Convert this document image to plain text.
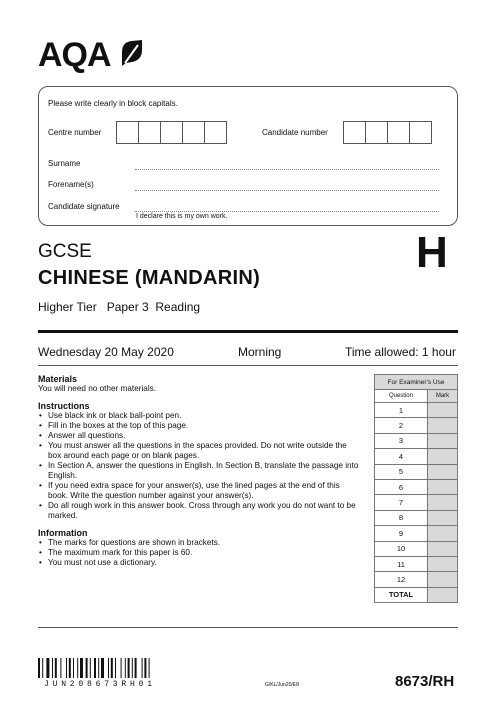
AQA
Please write clearly in block capitals.
Centre number	Candidate number
Surname
Forename(s)
Candidate signature
I declare this is my own work.
GCSE
CHINESE (MANDARIN)
Higher Tier   Paper 3  Reading
H
Wednesday 20 May 2020	Morning	Time allowed: 1 hour
Materials
You will need no other materials.
Instructions
• Use black ink or black ball-point pen.
• Fill in the boxes at the top of this page.
• Answer all questions.
• You must answer all the questions in the spaces provided. Do not write outside the box around each page or on blank pages.
• In Section A, answer the questions in English. In Section B, translate the passage into English.
• If you need extra space for your answer(s), use the lined pages at the end of this book. Write the question number against your answer(s).
• Do all rough work in this answer book. Cross through any work you do not want to be marked.
Information
• The marks for questions are shown in brackets.
• The maximum mark for this paper is 60.
• You must not use a dictionary.
For Examiner's Use	
Question	Mark
1	
2	
3	
4	
5	
6	
7	
8	
9	
10	
11	
12	
TOTAL	
JUN208673RH01	G/KL/Jun20/E8	8673/RH
